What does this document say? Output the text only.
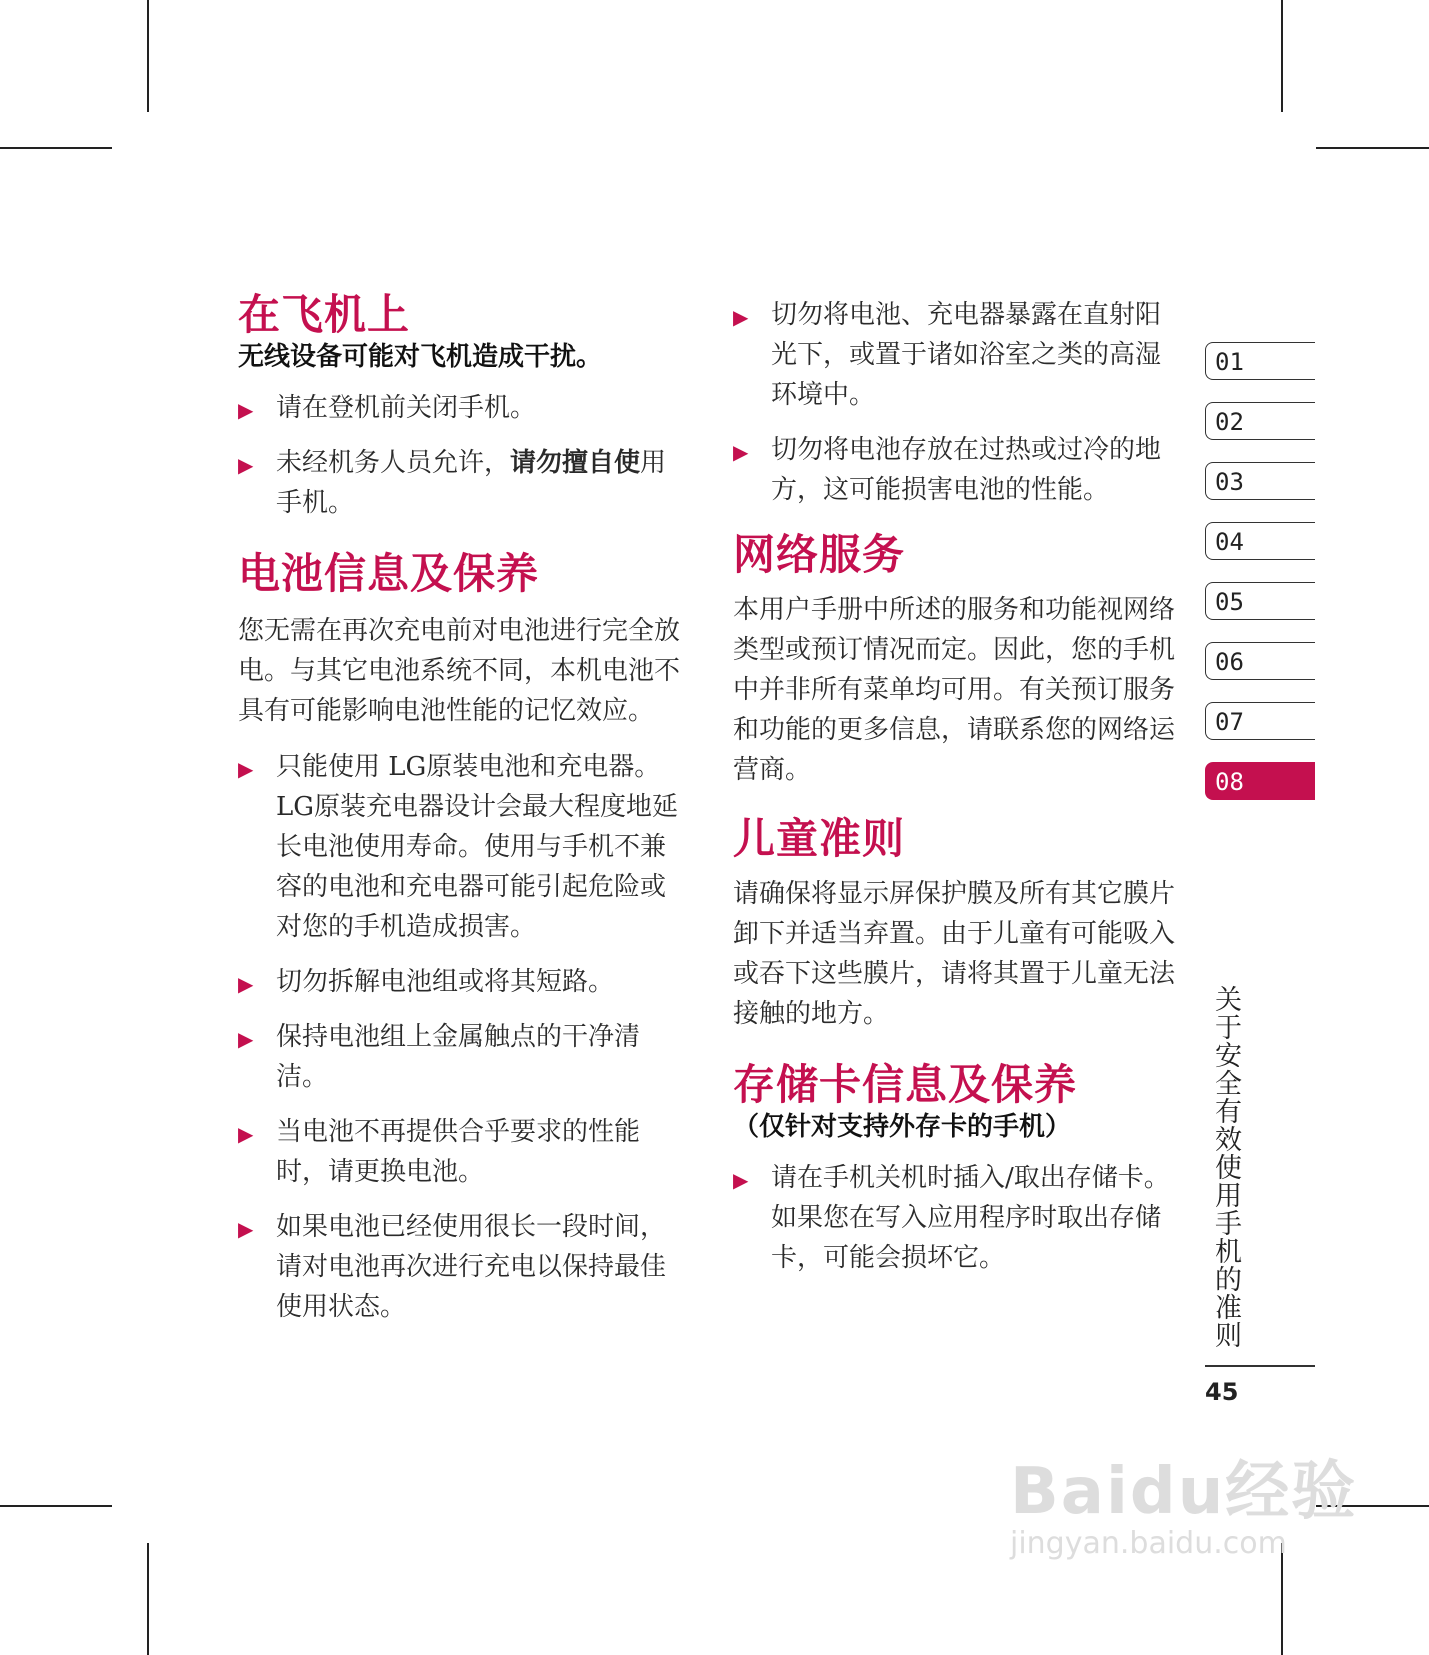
在飞机上

无线设备可能对飞机造成干扰。

▶ 请在登机前关闭手机。
▶ 未经机务人员允许，请勿擅自使用手机。
电池信息及保养

您无需在再次充电前对电池进行完全放电。与其它电池系统不同，本机电池不具有可能影响电池性能的记忆效应。

▶ 只能使用 LG原装电池和充电器。LG原装充电器设计会最大程度地延长电池使用寿命。使用与手机不兼容的电池和充电器可能引起危险或对您的手机造成损害。
▶ 切勿拆解电池组或将其短路。
▶ 保持电池组上金属触点的干净清洁。
▶ 当电池不再提供合乎要求的性能时，请更换电池。
▶ 如果电池已经使用很长一段时间，请对电池再次进行充电以保持最佳使用状态。
▶ 切勿将电池、充电器暴露在直射阳光下，或置于诸如浴室之类的高湿环境中。
▶ 切勿将电池存放在过热或过冷的地方，这可能损害电池的性能。
网络服务

本用户手册中所述的服务和功能视网络类型或预订情况而定。因此，您的手机中并非所有菜单均可用。有关预订服务和功能的更多信息，请联系您的网络运营商。

儿童准则

请确保将显示屏保护膜及所有其它膜片卸下并适当弃置。由于儿童有可能吸入或吞下这些膜片，请将其置于儿童无法接触的地方。

存储卡信息及保养

（仅针对支持外存卡的手机）

▶ 请在手机关机时插入/取出存储卡。如果您在写入应用程序时取出存储卡，可能会损坏它。
01
02
03
04
05
06
07
08
关于安全有效使用手机的准则
45
Baidu经验
jingyan.baidu.com
